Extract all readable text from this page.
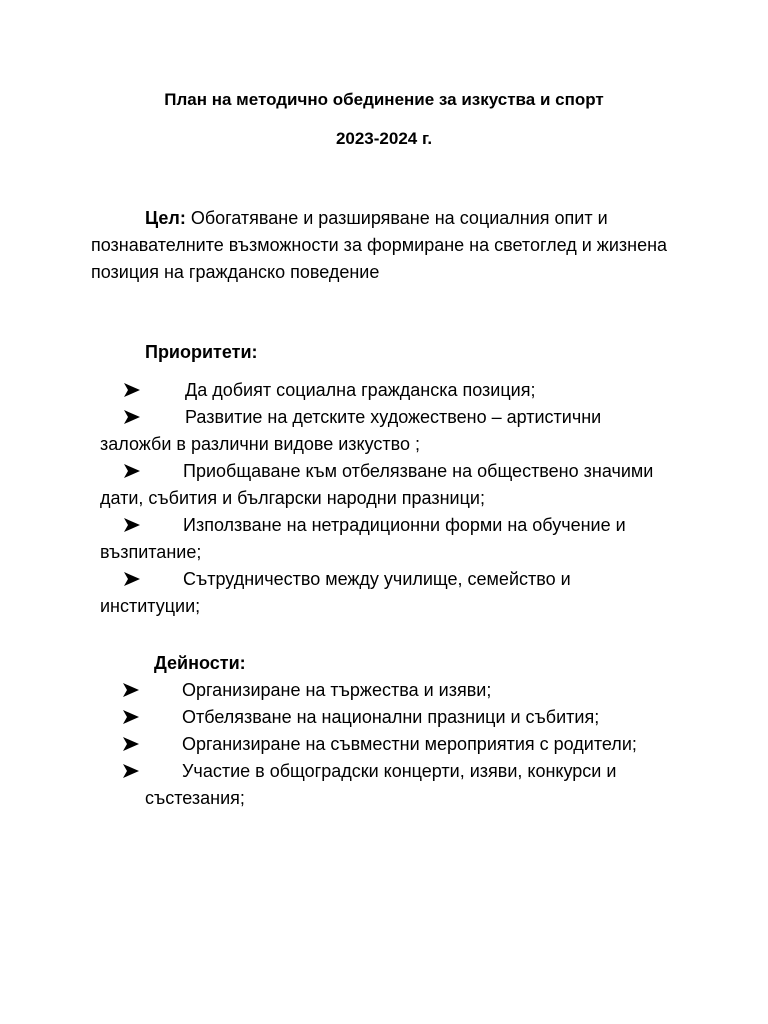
План на методично обединение за изкуства и спорт
2023-2024 г.

Цел: Обогатяване и разширяване на социалния опит и познавателните възможности за формиране на светоглед и жизнена позиция на гражданско поведение

Приоритети:
Да добият социална гражданска позиция;
Развитие на детските художествено – артистични заложби в различни видове изкуство ;
Приобщаване към отбелязване на обществено значими дати, събития и български народни празници;
Използване на нетрадиционни форми на обучение и възпитание;
Сътрудничество между училище, семейство и институции;
Дейности:
Организиране на тържества и изяви;
Отбелязване на национални празници и събития;
Организиране на съвместни мероприятия с родители;
Участие в общоградски концерти, изяви, конкурси и състезания;
